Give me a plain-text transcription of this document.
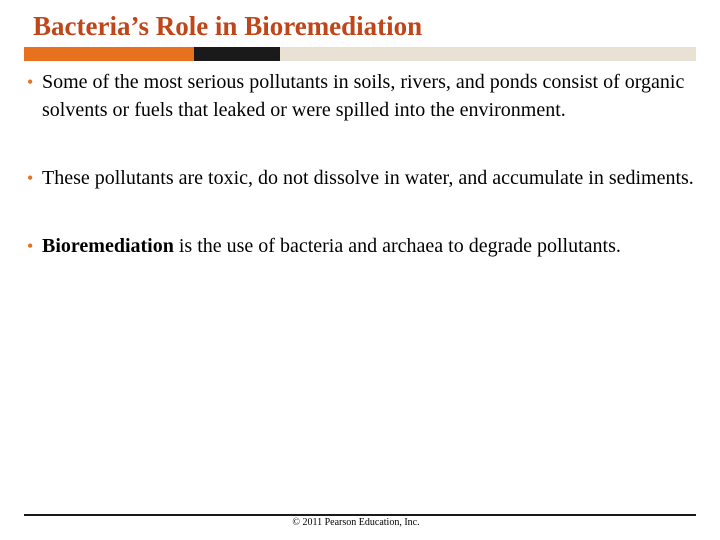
Bacteria’s Role in Bioremediation
• Some of the most serious pollutants in soils, rivers, and ponds consist of organic solvents or fuels that leaked or were spilled into the environment.
• These pollutants are toxic, do not dissolve in water, and accumulate in sediments.
• Bioremediation is the use of bacteria and archaea to degrade pollutants.
© 2011 Pearson Education, Inc.
